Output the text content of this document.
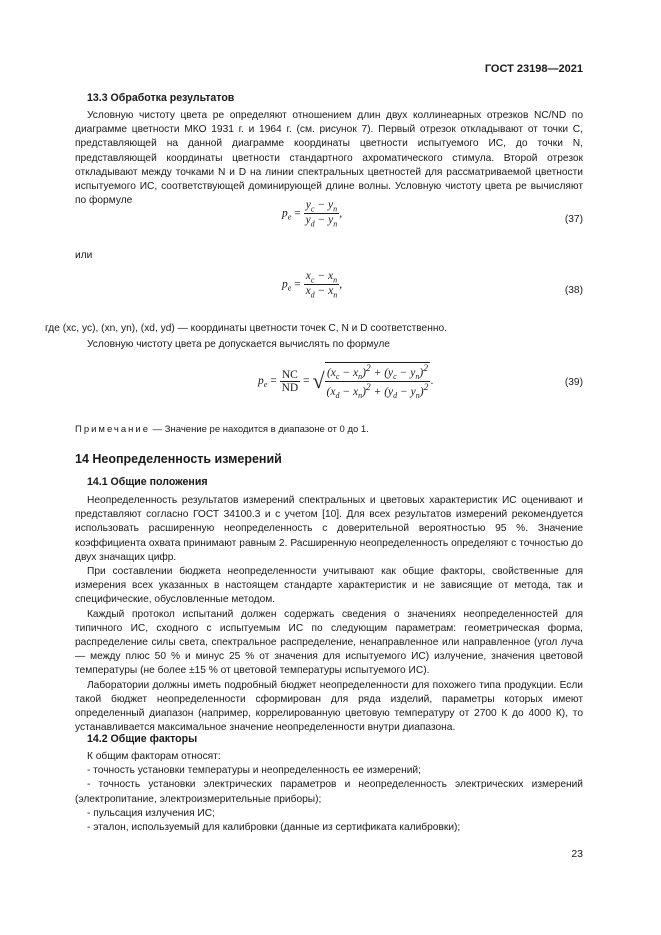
ГОСТ 23198—2021
13.3 Обработка результатов

Условную чистоту цвета pe определяют отношением длин двух коллинеарных отрезков NC/ND по диаграмме цветности МКО 1931 г. и 1964 г. (см. рисунок 7). Первый отрезок откладывают от точки С, представляющей на данной диаграмме координаты цветности испытуемого ИС, до точки N, представляющей координаты цветности стандартного ахроматического стимула. Второй отрезок откладывают между точками N и D на линии спектральных цветностей для рассматриваемой цветности испытуемого ИС, соответствующей доминирующей длине волны. Условную чистоту цвета pe вычисляют по формуле

$p_e = \frac{y_c - y_n}{y_d - y_n}$ ,
(37)
или
$p_e = \frac{x_c - x_n}{x_d - x_n}$ ,
(38)
где (xc, yc), (xn, yn), (xd, yd) — координаты цветности точек С, N и D соответственно.

Условную чистоту цвета pe допускается вычислять по формуле

$p_e = \frac{NC}{ND}$ = √ $\frac{(x_c - x_n)^2 + (y_c - y_n)^2}{(x_d - x_n)^2 + (y_d - y_n)^2}$ .	(39)
Примечание — Значение pe находится в диапазоне от 0 до 1.
14 Неопределенность измерений
14.1 Общие положения

Неопределенность результатов измерений спектральных и цветовых характеристик ИС оценивают и представляют согласно ГОСТ 34100.3 и с учетом [10]. Для всех результатов измерений рекомендуется использовать расширенную неопределенность с доверительной вероятностью 95 %. Значение коэффициента охвата принимают равным 2. Расширенную неопределенность определяют с точностью до двух значащих цифр.

При составлении бюджета неопределенности учитывают как общие факторы, свойственные для измерения всех указанных в настоящем стандарте характеристик и не зависящие от метода, так и специфические, обусловленные методом.

Каждый протокол испытаний должен содержать сведения о значениях неопределенностей для типичного ИС, сходного с испытуемым ИС по следующим параметрам: геометрическая форма, распределение силы света, спектральное распределение, ненаправленное или направленное (угол луча — между плюс 50 % и минус 25 % от значения для испытуемого ИС) излучение, значения цветовой температуры (не более ±15 % от цветовой температуры испытуемого ИС).

Лаборатории должны иметь подробный бюджет неопределенности для похожего типа продукции. Если такой бюджет неопределенности сформирован для ряда изделий, параметры которых имеют определенный диапазон (например, коррелированную цветовую температуру от 2700 К до 4000 К), то устанавливается максимальное значение неопределенности внутри диапазона.

14.2 Общие факторы

К общим факторам относят:

- точность установки температуры и неопределенность ее измерений;

- точность установки электрических параметров и неопределенность электрических измерений (электропитание, электроизмерительные приборы);

- пульсация излучения ИС;

- эталон, используемый для калибровки (данные из сертификата калибровки);

23
